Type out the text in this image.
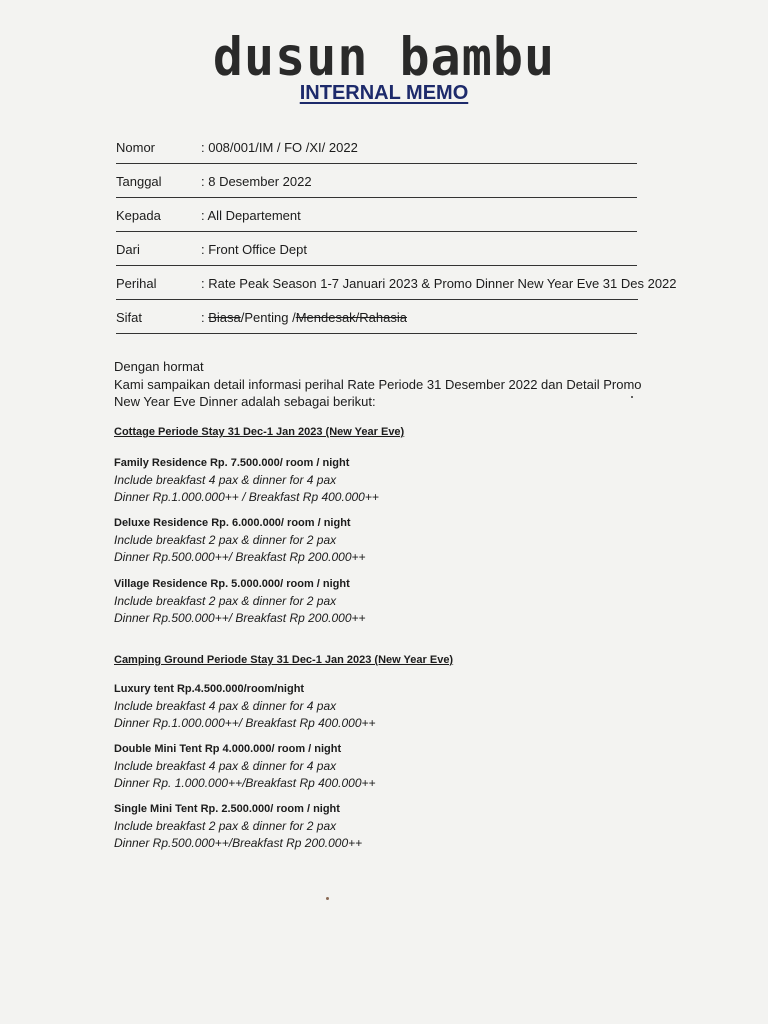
dusun bambu
INTERNAL MEMO
Nomor	: 008/001/IM / FO /XI/ 2022
Tanggal	: 8 Desember 2022
Kepada	: All Departement
Dari	: Front Office Dept
Perihal	: Rate Peak Season 1-7 Januari 2023 & Promo Dinner New Year Eve 31 Des 2022
Sifat	: Biasa/Penting /Mendesak/Rahasia
Dengan hormat
Kami sampaikan detail informasi perihal Rate Periode 31 Desember 2022 dan Detail Promo
New Year Eve Dinner adalah sebagai berikut:
Cottage Periode Stay 31 Dec-1 Jan 2023 (New Year Eve)
Family Residence Rp. 7.500.000/ room / night
Include breakfast 4 pax & dinner for 4 pax
Dinner Rp.1.000.000++ / Breakfast Rp 400.000++
Deluxe Residence Rp. 6.000.000/ room / night
Include breakfast 2 pax & dinner for 2 pax
Dinner Rp.500.000++/ Breakfast Rp 200.000++
Village Residence Rp. 5.000.000/ room / night
Include breakfast 2 pax & dinner for 2 pax
Dinner Rp.500.000++/ Breakfast Rp 200.000++
Camping Ground Periode Stay 31 Dec-1 Jan 2023 (New Year Eve)
Luxury tent Rp.4.500.000/room/night
Include breakfast 4 pax & dinner for 4 pax
Dinner Rp.1.000.000++/ Breakfast Rp 400.000++
Double Mini Tent Rp 4.000.000/ room / night
Include breakfast 4 pax & dinner for 4 pax
Dinner Rp. 1.000.000++/Breakfast Rp 400.000++
Single Mini Tent Rp. 2.500.000/ room / night
Include breakfast 2 pax & dinner for 2 pax
Dinner Rp.500.000++/Breakfast Rp 200.000++
